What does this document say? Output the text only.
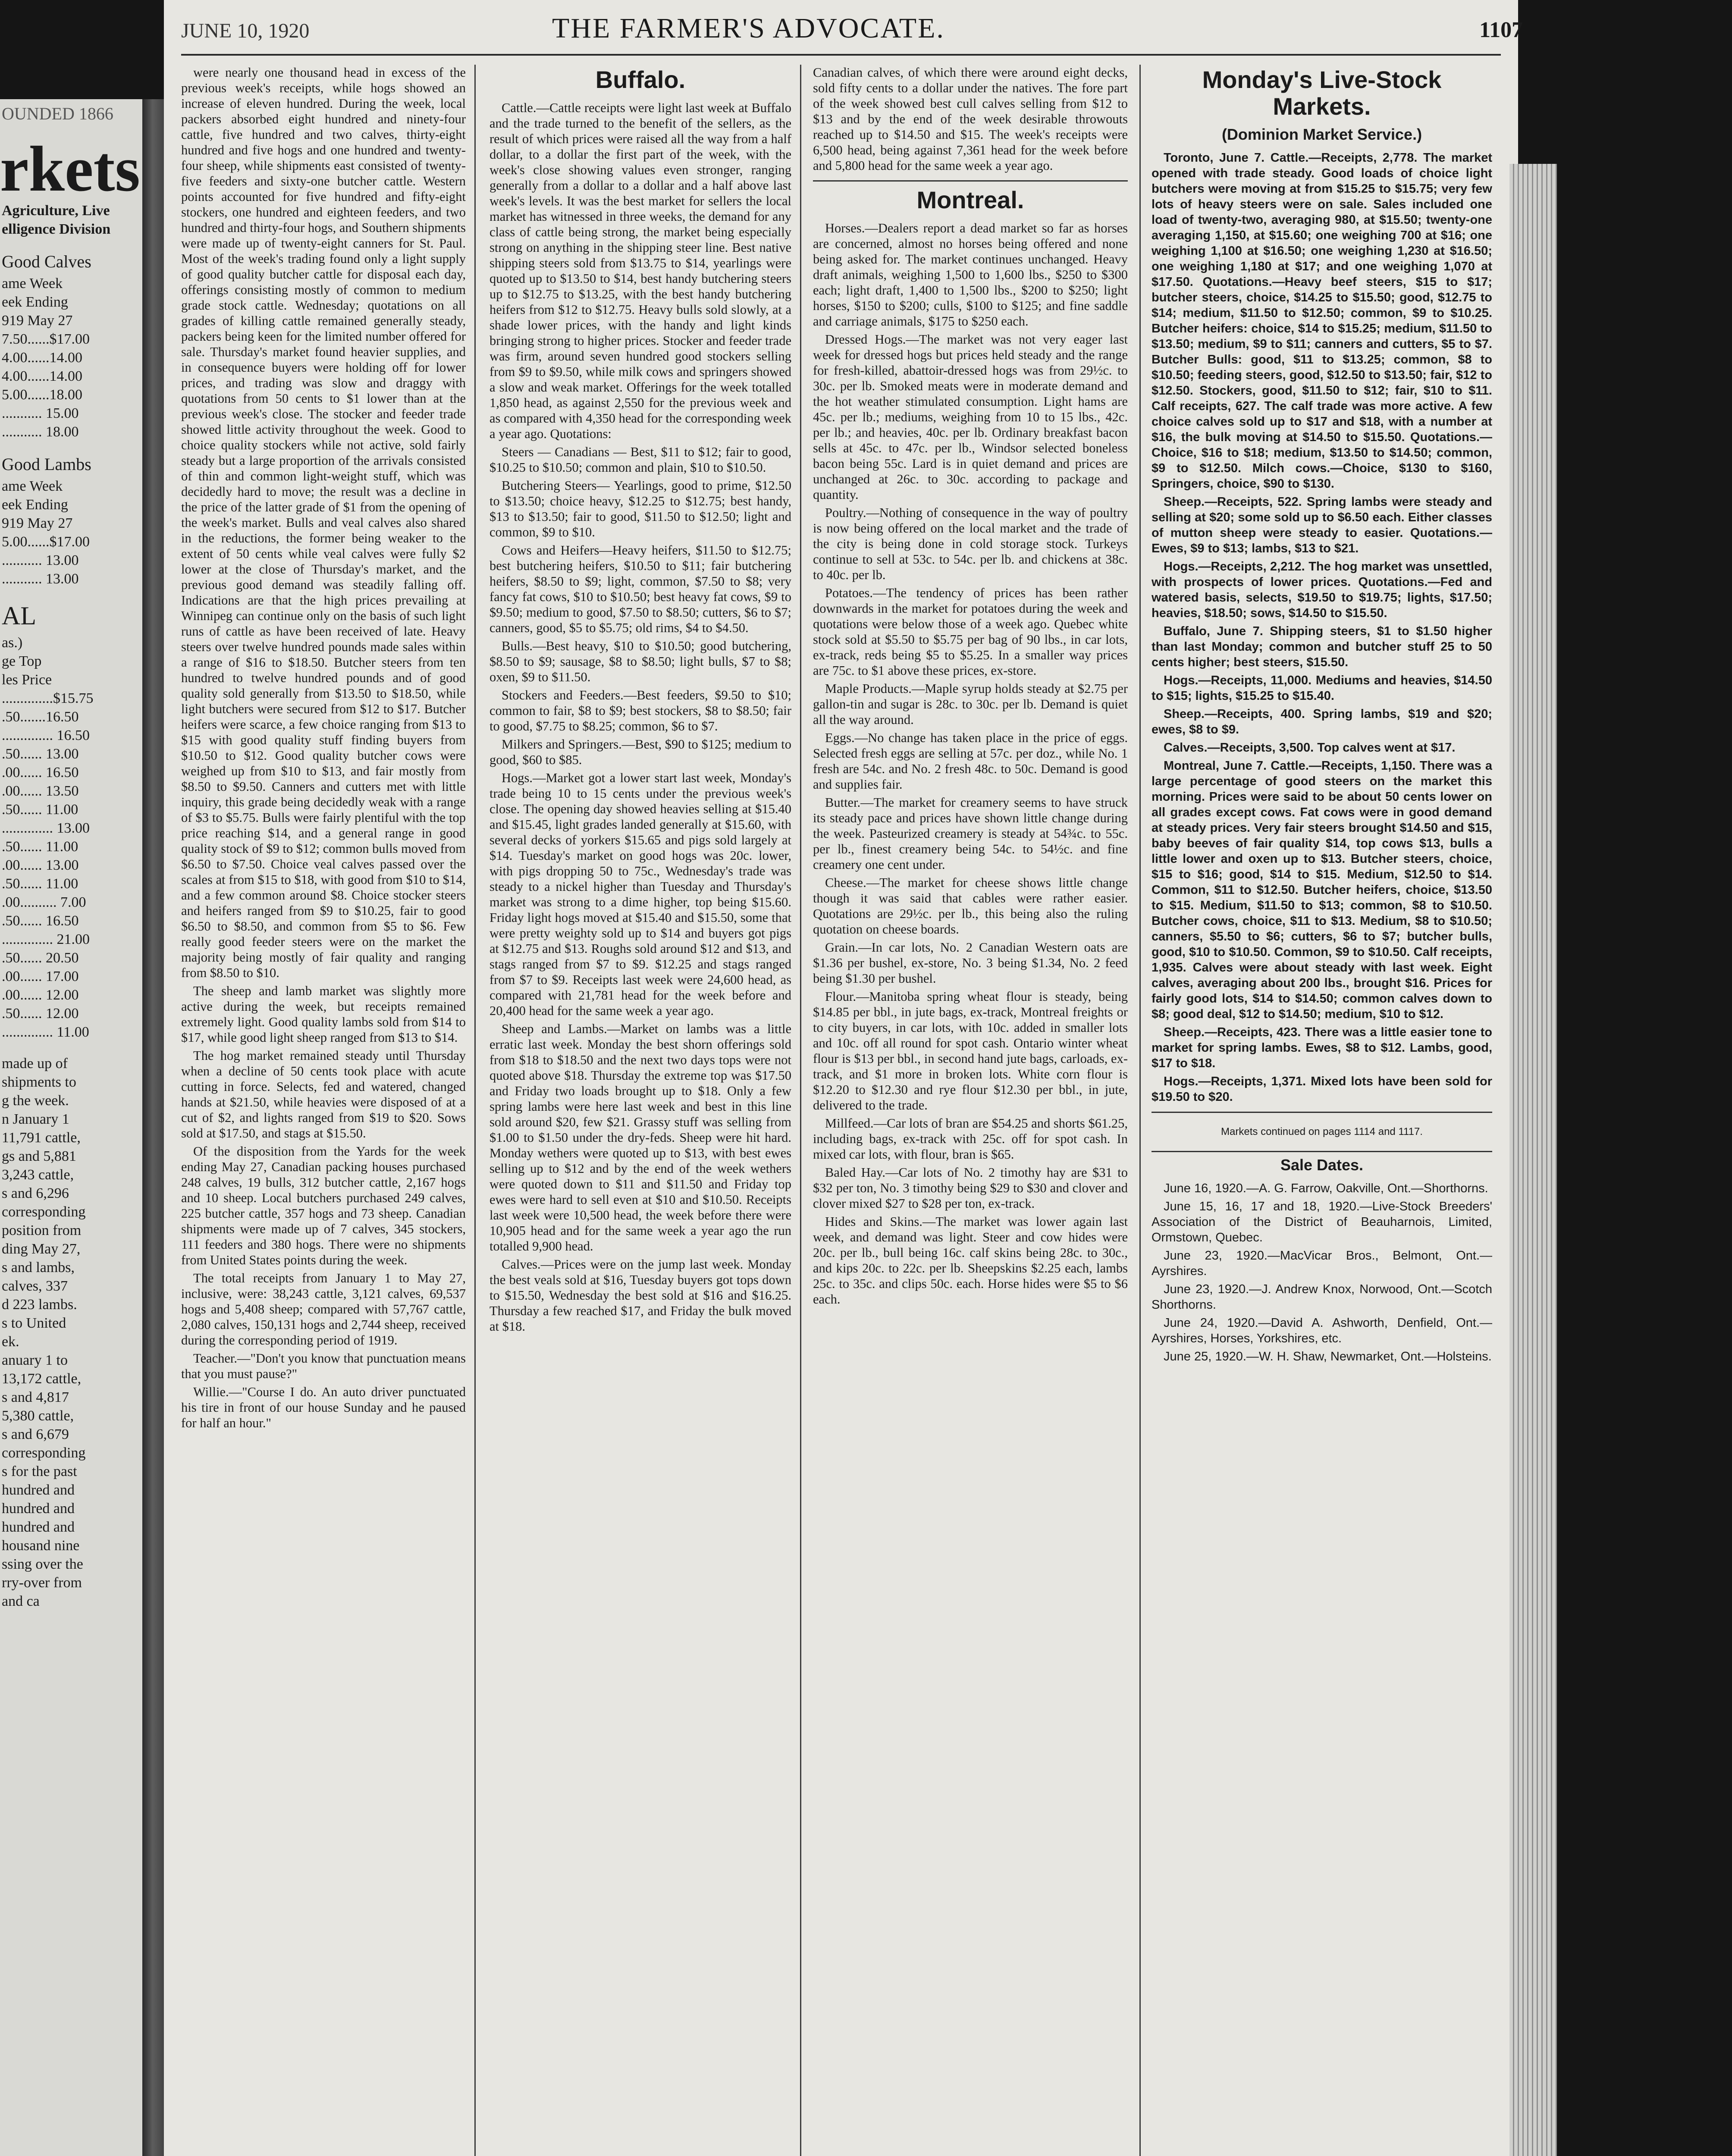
OUNDED 1866
rkets
Agriculture, Live
elligence Division
Good Calves
ame Week
eek Ending
919 May 27
7.50......$17.00
4.00......14.00
4.00......14.00
5.00......18.00
........... 15.00
........... 18.00
Good Lambs
ame Week
eek Ending
919 May 27
5.00......$17.00
........... 13.00
........... 13.00
AL
as.)
ge Top
les Price
..............$15.75
.50.......16.50
.............. 16.50
.50...... 13.00
.00...... 16.50
.00...... 13.50
.50...... 11.00
.............. 13.00
.50...... 11.00
.00...... 13.00
.50...... 11.00
.00.......... 7.00
.50...... 16.50
.............. 21.00
.50...... 20.50
.00...... 17.00
.00...... 12.00
.50...... 12.00
.............. 11.00
made up of
shipments to
g the week.
n January 1
11,791 cattle,
gs and 5,881
3,243 cattle,
s and 6,296
corresponding
position from
ding May 27,
s and lambs,
calves, 337
d 223 lambs.
s to United
ek.
anuary 1 to
13,172 cattle,
s and 4,817
5,380 cattle,
s and 6,679
corresponding
s for the past
hundred and
hundred and
hundred and
housand nine
ssing over the
rry-over from
and ca
JUNE 10, 1920	THE FARMER'S ADVOCATE.	1107

were nearly one thousand head in excess of the previous week's receipts, while hogs showed an increase of eleven hundred. During the week, local packers absorbed eight hundred and ninety-four cattle, five hundred and two calves, thirty-eight hundred and five hogs and one hundred and twenty-four sheep, while shipments east consisted of twenty-five feeders and sixty-one butcher cattle. Western points accounted for five hundred and fifty-eight stockers, one hundred and eighteen feeders, and two hundred and thirty-four hogs, and Southern shipments were made up of twenty-eight canners for St. Paul. Most of the week's trading found only a light supply of good quality butcher cattle for disposal each day, offerings consisting mostly of common to medium grade stock cattle. Wednesday; quotations on all grades of killing cattle remained generally steady, packers being keen for the limited number offered for sale. Thursday's market found heavier supplies, and in consequence buyers were holding off for lower prices, and trading was slow and draggy with quotations from 50 cents to $1 lower than at the previous week's close. The stocker and feeder trade showed little activity throughout the week. Good to choice quality stockers while not active, sold fairly steady but a large proportion of the arrivals consisted of thin and common light-weight stuff, which was decidedly hard to move; the result was a decline in the price of the latter grade of $1 from the opening of the week's market. Bulls and veal calves also shared in the reductions, the former being weaker to the extent of 50 cents while veal calves were fully $2 lower at the close of Thursday's market, and the previous good demand was steadily falling off. Indications are that the high prices prevailing at Winnipeg can continue only on the basis of such light runs of cattle as have been received of late. Heavy steers over twelve hundred pounds made sales within a range of $16 to $18.50. Butcher steers from ten hundred to twelve hundred pounds and of good quality sold generally from $13.50 to $18.50, while light butchers were secured from $12 to $17. Butcher heifers were scarce, a few choice ranging from $13 to $15 with good quality stuff finding buyers from $10.50 to $12. Good quality butcher cows were weighed up from $10 to $13, and fair mostly from $8.50 to $9.50. Canners and cutters met with little inquiry, this grade being decidedly weak with a range of $3 to $5.75. Bulls were fairly plentiful with the top price reaching $14, and a general range in good quality stock of $9 to $12; common bulls moved from $6.50 to $7.50. Choice veal calves passed over the scales at from $15 to $18, with good from $10 to $14, and a few common around $8. Choice stocker steers and heifers ranged from $9 to $10.25, fair to good $6.50 to $8.50, and common from $5 to $6. Few really good feeder steers were on the market the majority being mostly of fair quality and ranging from $8.50 to $10.

The sheep and lamb market was slightly more active during the week, but receipts remained extremely light. Good quality lambs sold from $14 to $17, while good light sheep ranged from $13 to $14.

The hog market remained steady until Thursday when a decline of 50 cents took place with acute cutting in force. Selects, fed and watered, changed hands at $21.50, while heavies were disposed of at a cut of $2, and lights ranged from $19 to $20. Sows sold at $17.50, and stags at $15.50.

Of the disposition from the Yards for the week ending May 27, Canadian packing houses purchased 248 calves, 19 bulls, 312 butcher cattle, 2,167 hogs and 10 sheep. Local butchers purchased 249 calves, 225 butcher cattle, 357 hogs and 73 sheep. Canadian shipments were made up of 7 calves, 345 stockers, 111 feeders and 380 hogs. There were no shipments from United States points during the week.

The total receipts from January 1 to May 27, inclusive, were: 38,243 cattle, 3,121 calves, 69,537 hogs and 5,408 sheep; compared with 57,767 cattle, 2,080 calves, 150,131 hogs and 2,744 sheep, received during the corresponding period of 1919.

Teacher.—"Don't you know that punctuation means that you must pause?"

Willie.—"Course I do. An auto driver punctuated his tire in front of our house Sunday and he paused for half an hour."

Buffalo.

Cattle.—Cattle receipts were light last week at Buffalo and the trade turned to the benefit of the sellers, as the result of which prices were raised all the way from a half dollar, to a dollar the first part of the week, with the week's close showing values even stronger, ranging generally from a dollar to a dollar and a half above last week's levels. It was the best market for sellers the local market has witnessed in three weeks, the demand for any class of cattle being strong, the market being especially strong on anything in the shipping steer line. Best native shipping steers sold from $13.75 to $14, yearlings were quoted up to $13.50 to $14, best handy butchering steers up to $12.75 to $13.25, with the best handy butchering heifers from $12 to $12.75. Heavy bulls sold slowly, at a shade lower prices, with the handy and light kinds bringing strong to higher prices. Stocker and feeder trade was firm, around seven hundred good stockers selling from $9 to $9.50, while milk cows and springers showed a slow and weak market. Offerings for the week totalled 1,850 head, as against 2,550 for the previous week and as compared with 4,350 head for the corresponding week a year ago. Quotations:

Steers — Canadians — Best, $11 to $12; fair to good, $10.25 to $10.50; common and plain, $10 to $10.50.

Butchering Steers— Yearlings, good to prime, $12.50 to $13.50; choice heavy, $12.25 to $12.75; best handy, $13 to $13.50; fair to good, $11.50 to $12.50; light and common, $9 to $10.

Cows and Heifers—Heavy heifers, $11.50 to $12.75; best butchering heifers, $10.50 to $11; fair butchering heifers, $8.50 to $9; light, common, $7.50 to $8; very fancy fat cows, $10 to $10.50; best heavy fat cows, $9 to $9.50; medium to good, $7.50 to $8.50; cutters, $6 to $7; canners, good, $5 to $5.75; old rims, $4 to $4.50.

Bulls.—Best heavy, $10 to $10.50; good butchering, $8.50 to $9; sausage, $8 to $8.50; light bulls, $7 to $8; oxen, $9 to $11.50.

Stockers and Feeders.—Best feeders, $9.50 to $10; common to fair, $8 to $9; best stockers, $8 to $8.50; fair to good, $7.75 to $8.25; common, $6 to $7.

Milkers and Springers.—Best, $90 to $125; medium to good, $60 to $85.

Hogs.—Market got a lower start last week, Monday's trade being 10 to 15 cents under the previous week's close. The opening day showed heavies selling at $15.40 and $15.45, light grades landed generally at $15.60, with several decks of yorkers $15.65 and pigs sold largely at $14. Tuesday's market on good hogs was 20c. lower, with pigs dropping 50 to 75c., Wednesday's trade was steady to a nickel higher than Tuesday and Thursday's market was strong to a dime higher, top being $15.60. Friday light hogs moved at $15.40 and $15.50, some that were pretty weighty sold up to $14 and buyers got pigs at $12.75 and $13. Roughs sold around $12 and $13, and stags ranged from $7 to $9. $12.25 and stags ranged from $7 to $9. Receipts last week were 24,600 head, as compared with 21,781 head for the week before and 20,400 head for the same week a year ago.

Sheep and Lambs.—Market on lambs was a little erratic last week. Monday the best shorn offerings sold from $18 to $18.50 and the next two days tops were not quoted above $18. Thursday the extreme top was $17.50 and Friday two loads brought up to $18. Only a few spring lambs were here last week and best in this line sold around $20, few $21. Grassy stuff was selling from $1.00 to $1.50 under the dry-feds. Sheep were hit hard. Monday wethers were quoted up to $13, with best ewes selling up to $12 and by the end of the week wethers were quoted down to $11 and $11.50 and Friday top ewes were hard to sell even at $10 and $10.50. Receipts last week were 10,500 head, the week before there were 10,905 head and for the same week a year ago the run totalled 9,900 head.

Calves.—Prices were on the jump last week. Monday the best veals sold at $16, Tuesday buyers got tops down to $15.50, Wednesday the best sold at $16 and $16.25. Thursday a few reached $17, and Friday the bulk moved at $18.

Canadian calves, of which there were around eight decks, sold fifty cents to a dollar under the natives. The fore part of the week showed best cull calves selling from $12 to $13 and by the end of the week desirable throwouts reached up to $14.50 and $15. The week's receipts were 6,500 head, being against 7,361 head for the week before and 5,800 head for the same week a year ago.

Montreal.

Horses.—Dealers report a dead market so far as horses are concerned, almost no horses being offered and none being asked for. The market continues unchanged. Heavy draft animals, weighing 1,500 to 1,600 lbs., $250 to $300 each; light draft, 1,400 to 1,500 lbs., $200 to $250; light horses, $150 to $200; culls, $100 to $125; and fine saddle and carriage animals, $175 to $250 each.

Dressed Hogs.—The market was not very eager last week for dressed hogs but prices held steady and the range for fresh-killed, abattoir-dressed hogs was from 29½c. to 30c. per lb. Smoked meats were in moderate demand and the hot weather stimulated consumption. Light hams are 45c. per lb.; mediums, weighing from 10 to 15 lbs., 42c. per lb.; and heavies, 40c. per lb. Ordinary breakfast bacon sells at 45c. to 47c. per lb., Windsor selected boneless bacon being 55c. Lard is in quiet demand and prices are unchanged at 26c. to 30c. according to package and quantity.

Poultry.—Nothing of consequence in the way of poultry is now being offered on the local market and the trade of the city is being done in cold storage stock. Turkeys continue to sell at 53c. to 54c. per lb. and chickens at 38c. to 40c. per lb.

Potatoes.—The tendency of prices has been rather downwards in the market for potatoes during the week and quotations were below those of a week ago. Quebec white stock sold at $5.50 to $5.75 per bag of 90 lbs., in car lots, ex-track, reds being $5 to $5.25. In a smaller way prices are 75c. to $1 above these prices, ex-store.

Maple Products.—Maple syrup holds steady at $2.75 per gallon-tin and sugar is 28c. to 30c. per lb. Demand is quiet all the way around.

Eggs.—No change has taken place in the price of eggs. Selected fresh eggs are selling at 57c. per doz., while No. 1 fresh are 54c. and No. 2 fresh 48c. to 50c. Demand is good and supplies fair.

Butter.—The market for creamery seems to have struck its steady pace and prices have shown little change during the week. Pasteurized creamery is steady at 54¾c. to 55c. per lb., finest creamery being 54c. to 54½c. and fine creamery one cent under.

Cheese.—The market for cheese shows little change though it was said that cables were rather easier. Quotations are 29½c. per lb., this being also the ruling quotation on cheese boards.

Grain.—In car lots, No. 2 Canadian Western oats are $1.36 per bushel, ex-store, No. 3 being $1.34, No. 2 feed being $1.30 per bushel.

Flour.—Manitoba spring wheat flour is steady, being $14.85 per bbl., in jute bags, ex-track, Montreal freights or to city buyers, in car lots, with 10c. added in smaller lots and 10c. off all round for spot cash. Ontario winter wheat flour is $13 per bbl., in second hand jute bags, carloads, ex-track, and $1 more in broken lots. White corn flour is $12.20 to $12.30 and rye flour $12.30 per bbl., in jute, delivered to the trade.

Millfeed.—Car lots of bran are $54.25 and shorts $61.25, including bags, ex-track with 25c. off for spot cash. In mixed car lots, with flour, bran is $65.

Baled Hay.—Car lots of No. 2 timothy hay are $31 to $32 per ton, No. 3 timothy being $29 to $30 and clover and clover mixed $27 to $28 per ton, ex-track.

Hides and Skins.—The market was lower again last week, and demand was light. Steer and cow hides were 20c. per lb., bull being 16c. calf skins being 28c. to 30c., and kips 20c. to 22c. per lb. Sheepskins $2.25 each, lambs 25c. to 35c. and clips 50c. each. Horse hides were $5 to $6 each.

Monday's Live-Stock Markets.
(Dominion Market Service.)

Toronto, June 7. Cattle.—Receipts, 2,778. The market opened with trade steady. Good loads of choice light butchers were moving at from $15.25 to $15.75; very few lots of heavy steers were on sale. Sales included one load of twenty-two, averaging 980, at $15.50; twenty-one averaging 1,150, at $15.60; one weighing 700 at $16; one weighing 1,100 at $16.50; one weighing 1,230 at $16.50; one weighing 1,180 at $17; and one weighing 1,070 at $17.50. Quotations.—Heavy beef steers, $15 to $17; butcher steers, choice, $14.25 to $15.50; good, $12.75 to $14; medium, $11.50 to $12.50; common, $9 to $10.25. Butcher heifers: choice, $14 to $15.25; medium, $11.50 to $13.50; medium, $9 to $11; canners and cutters, $5 to $7. Butcher Bulls: good, $11 to $13.25; common, $8 to $10.50; feeding steers, good, $12.50 to $13.50; fair, $12 to $12.50. Stockers, good, $11.50 to $12; fair, $10 to $11. Calf receipts, 627. The calf trade was more active. A few choice calves sold up to $17 and $18, with a number at $16, the bulk moving at $14.50 to $15.50. Quotations.—Choice, $16 to $18; medium, $13.50 to $14.50; common, $9 to $12.50. Milch cows.—Choice, $130 to $160, Springers, choice, $90 to $130.

Sheep.—Receipts, 522. Spring lambs were steady and selling at $20; some sold up to $6.50 each. Either classes of mutton sheep were steady to easier. Quotations.—Ewes, $9 to $13; lambs, $13 to $21.

Hogs.—Receipts, 2,212. The hog market was unsettled, with prospects of lower prices. Quotations.—Fed and watered basis, selects, $19.50 to $19.75; lights, $17.50; heavies, $18.50; sows, $14.50 to $15.50.

Buffalo, June 7. Shipping steers, $1 to $1.50 higher than last Monday; common and butcher stuff 25 to 50 cents higher; best steers, $15.50.

Hogs.—Receipts, 11,000. Mediums and heavies, $14.50 to $15; lights, $15.25 to $15.40.

Sheep.—Receipts, 400. Spring lambs, $19 and $20; ewes, $8 to $9.

Calves.—Receipts, 3,500. Top calves went at $17.

Montreal, June 7. Cattle.—Receipts, 1,150. There was a large percentage of good steers on the market this morning. Prices were said to be about 50 cents lower on all grades except cows. Fat cows were in good demand at steady prices. Very fair steers brought $14.50 and $15, baby beeves of fair quality $14, top cows $13, bulls a little lower and oxen up to $13. Butcher steers, choice, $15 to $16; good, $14 to $15. Medium, $12.50 to $14. Common, $11 to $12.50. Butcher heifers, choice, $13.50 to $15. Medium, $11.50 to $13; common, $8 to $10.50. Butcher cows, choice, $11 to $13. Medium, $8 to $10.50; canners, $5.50 to $6; cutters, $6 to $7; butcher bulls, good, $10 to $10.50. Common, $9 to $10.50. Calf receipts, 1,935. Calves were about steady with last week. Eight calves, averaging about 200 lbs., brought $16. Prices for fairly good lots, $14 to $14.50; common calves down to $8; good deal, $12 to $14.50; medium, $10 to $12.

Sheep.—Receipts, 423. There was a little easier tone to market for spring lambs. Ewes, $8 to $12. Lambs, good, $17 to $18.

Hogs.—Receipts, 1,371. Mixed lots have been sold for $19.50 to $20.

Markets continued on pages 1114 and 1117.
Sale Dates.

June 16, 1920.—A. G. Farrow, Oakville, Ont.—Shorthorns.

June 15, 16, 17 and 18, 1920.—Live-Stock Breeders' Association of the District of Beauharnois, Limited, Ormstown, Quebec.

June 23, 1920.—MacVicar Bros., Belmont, Ont.—Ayrshires.

June 23, 1920.—J. Andrew Knox, Norwood, Ont.—Scotch Shorthorns.

June 24, 1920.—David A. Ashworth, Denfield, Ont.—Ayrshires, Horses, Yorkshires, etc.

June 25, 1920.—W. H. Shaw, Newmarket, Ont.—Holsteins.
